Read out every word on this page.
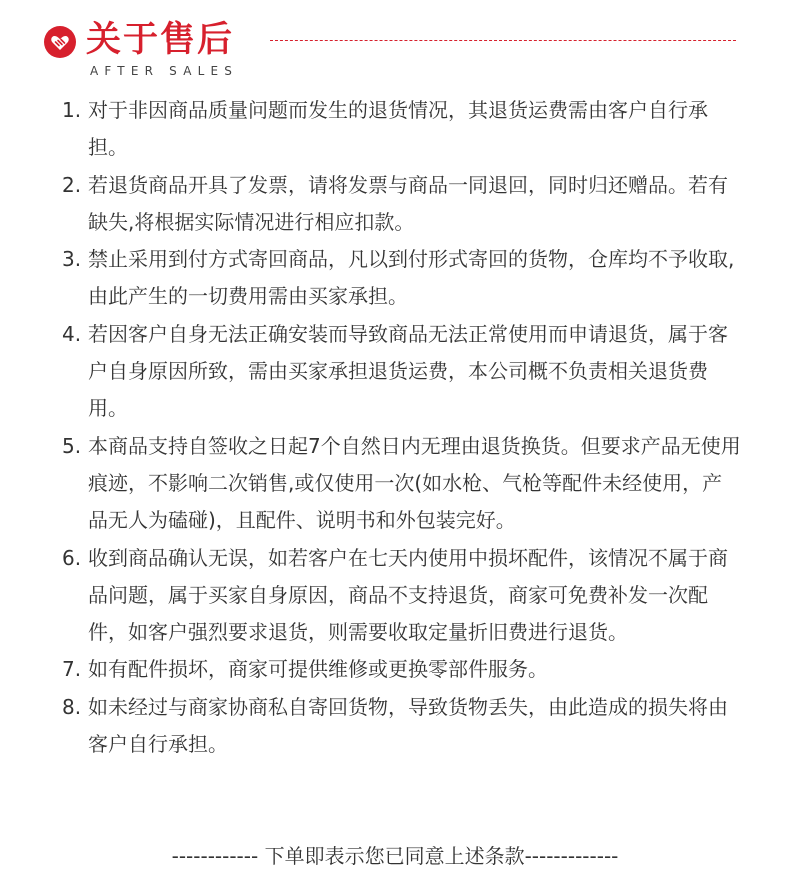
关于售后
AFTER SALES
1. 对于非因商品质量问题而发生的退货情况，其退货运费需由客户自行承担。
2. 若退货商品开具了发票，请将发票与商品一同退回，同时归还赠品。若有缺失,将根据实际情况进行相应扣款。
3. 禁止采用到付方式寄回商品，凡以到付形式寄回的货物，仓库均不予收取,由此产生的一切费用需由买家承担。
4. 若因客户自身无法正确安装而导致商品无法正常使用而申请退货，属于客户自身原因所致，需由买家承担退货运费，本公司概不负责相关退货费用。
5. 本商品支持自签收之日起7个自然日内无理由退货换货。但要求产品无使用痕迹，不影响二次销售,或仅使用一次(如水枪、气枪等配件未经使用，产品无人为磕碰)，且配件、说明书和外包装完好。
6. 收到商品确认无误，如若客户在七天内使用中损坏配件，该情况不属于商品问题，属于买家自身原因，商品不支持退货，商家可免费补发一次配件，如客户强烈要求退货，则需要收取定量折旧费进行退货。
7. 如有配件损坏，商家可提供维修或更换零部件服务。
8. 如未经过与商家协商私自寄回货物，导致货物丢失，由此造成的损失将由客户自行承担。
------------ 下单即表示您已同意上述条款-------------
